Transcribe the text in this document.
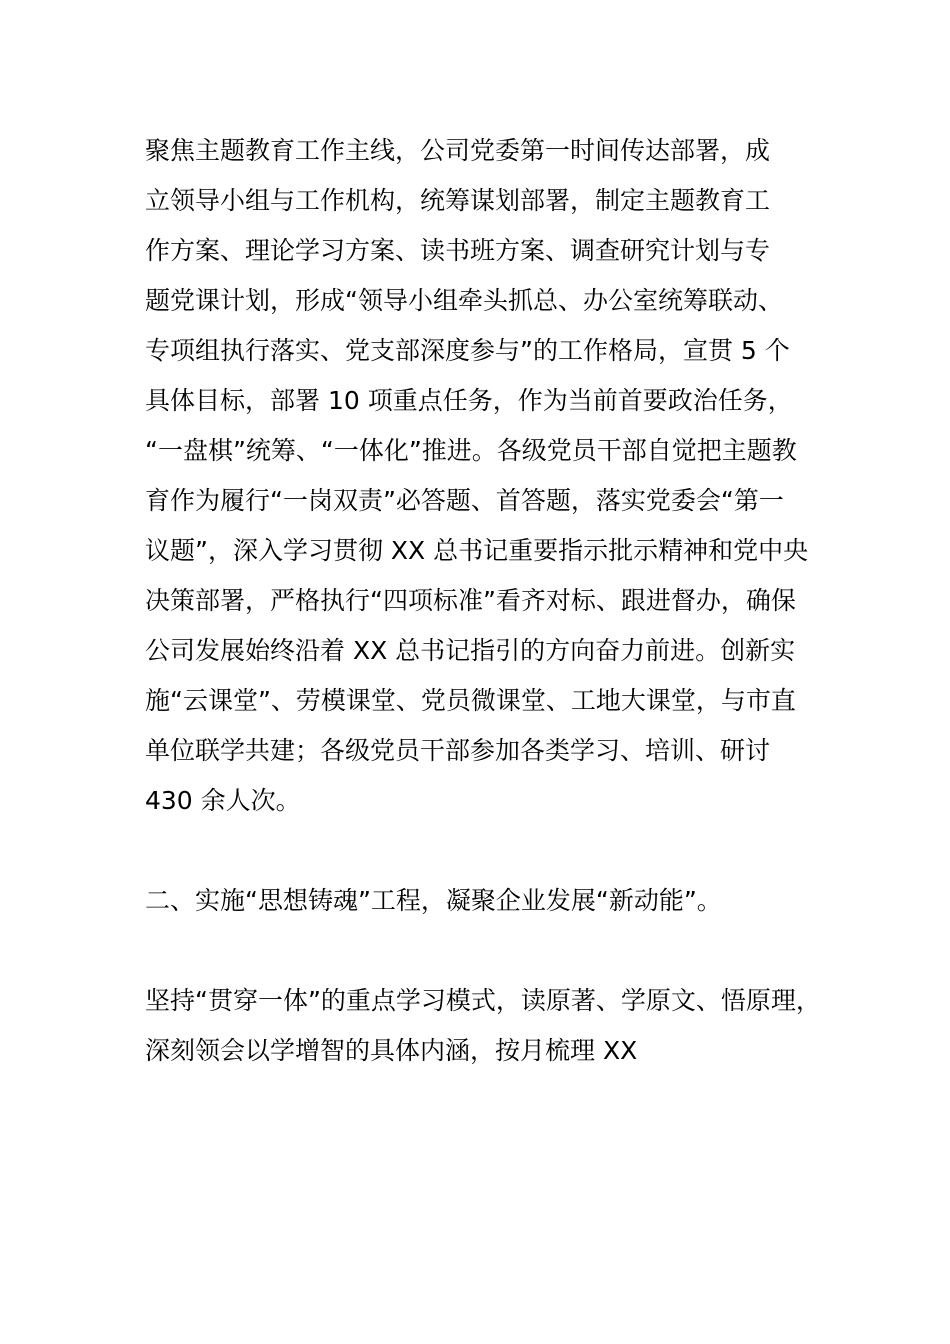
聚焦主题教育工作主线，公司党委第一时间传达部署，成
立领导小组与工作机构，统筹谋划部署，制定主题教育工
作方案、理论学习方案、读书班方案、调查研究计划与专
题党课计划，形成“领导小组牵头抓总、办公室统筹联动、
专项组执行落实、党支部深度参与”的工作格局，宣贯 5 个
具体目标，部署 10 项重点任务，作为当前首要政治任务，
“一盘棋”统筹、“一体化”推进。各级党员干部自觉把主题教
育作为履行“一岗双责”必答题、首答题，落实党委会“第一
议题”，深入学习贯彻 XX 总书记重要指示批示精神和党中央
决策部署，严格执行“四项标准”看齐对标、跟进督办，确保
公司发展始终沿着 XX 总书记指引的方向奋力前进。创新实
施“云课堂”、劳模课堂、党员微课堂、工地大课堂，与市直
单位联学共建；各级党员干部参加各类学习、培训、研讨
430 余人次。
二、实施“思想铸魂”工程，凝聚企业发展“新动能”。
坚持“贯穿一体”的重点学习模式，读原著、学原文、悟原理，
深刻领会以学增智的具体内涵，按月梳理 XX
